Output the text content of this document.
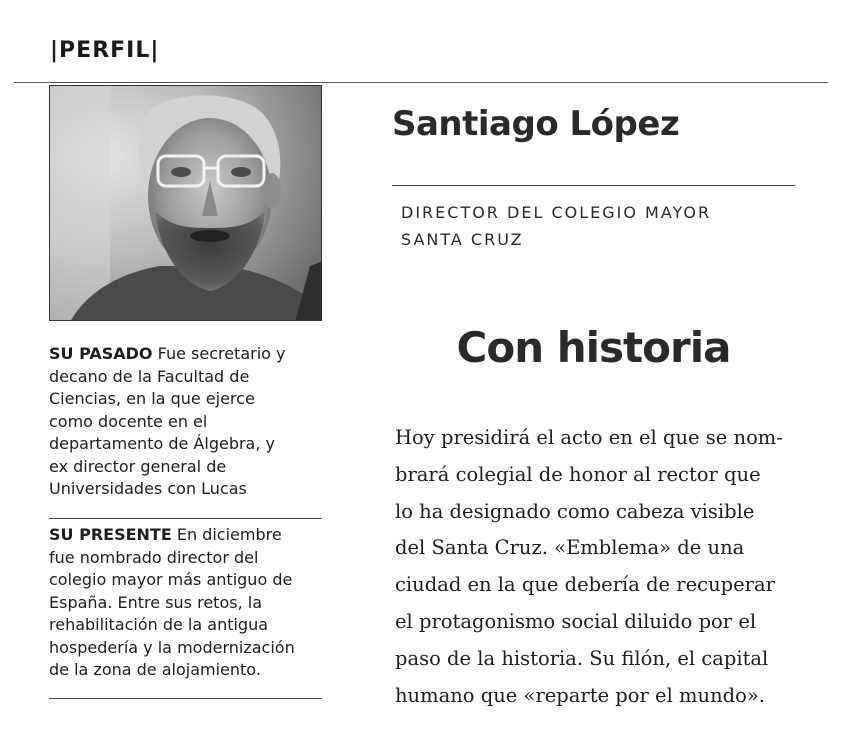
|PERFIL|
SU PASADO Fue secretario y
decano de la Facultad de
Ciencias, en la que ejerce
como docente en el
departamento de Álgebra, y
ex director general de
Universidades con Lucas
SU PRESENTE En diciembre
fue nombrado director del
colegio mayor más antiguo de
España. Entre sus retos, la
rehabilitación de la antigua
hospedería y la modernización
de la zona de alojamiento.
Santiago López
DIRECTOR DEL COLEGIO MAYOR
SANTA CRUZ
Con historia
Hoy presidirá el acto en el que se nom-
brará colegial de honor al rector que
lo ha designado como cabeza visible
del Santa Cruz. «Emblema» de una
ciudad en la que debería de recuperar
el protagonismo social diluido por el
paso de la historia. Su filón, el capital
humano que «reparte por el mundo».
